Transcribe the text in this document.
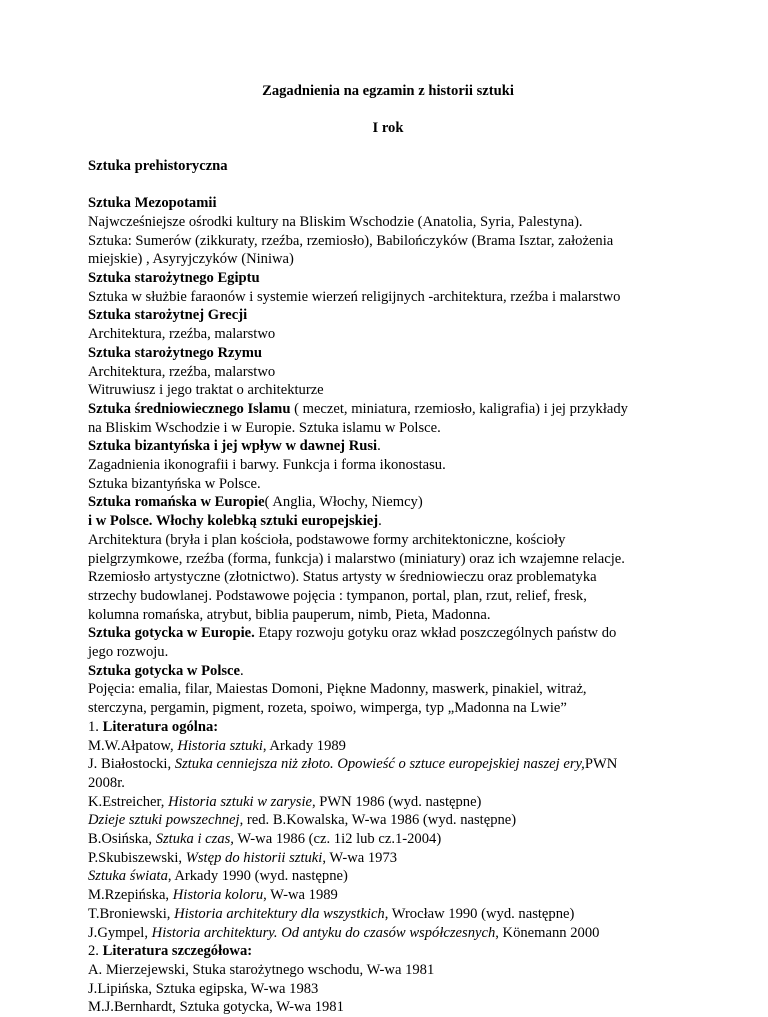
Zagadnienia na egzamin z historii sztuki
I rok
Sztuka prehistoryczna
Sztuka Mezopotamii
Najwcześniejsze ośrodki kultury na Bliskim Wschodzie (Anatolia, Syria, Palestyna).
Sztuka: Sumerów (zikkuraty, rzeźba, rzemiosło), Babilończyków (Brama Isztar, założenia
miejskie) , Asyryjczyków (Niniwa)
Sztuka starożytnego Egiptu
Sztuka w służbie faraonów i systemie wierzeń religijnych -architektura, rzeźba i malarstwo
Sztuka starożytnej Grecji
Architektura, rzeźba, malarstwo
Sztuka starożytnego Rzymu
Architektura, rzeźba, malarstwo
Witruwiusz i jego traktat o architekturze
Sztuka średniowiecznego Islamu ( meczet, miniatura, rzemiosło, kaligrafia) i jej przykłady
na Bliskim Wschodzie i w Europie. Sztuka islamu w Polsce.
Sztuka bizantyńska i jej wpływ w dawnej Rusi.
Zagadnienia ikonografii i barwy. Funkcja i forma ikonostasu.
Sztuka bizantyńska w Polsce.
Sztuka romańska w Europie( Anglia, Włochy, Niemcy)
i w Polsce. Włochy kolebką sztuki europejskiej.
Architektura (bryła i plan kościoła, podstawowe formy architektoniczne, kościoły
pielgrzymkowe, rzeźba (forma, funkcja) i malarstwo (miniatury) oraz ich wzajemne relacje.
Rzemiosło artystyczne (złotnictwo). Status artysty w średniowieczu oraz problematyka
strzechy budowlanej. Podstawowe pojęcia : tympanon, portal, plan, rzut, relief, fresk,
kolumna romańska, atrybut, biblia pauperum, nimb, Pieta, Madonna.
Sztuka gotycka w Europie. Etapy rozwoju gotyku oraz wkład poszczególnych państw do
jego rozwoju.
Sztuka gotycka w Polsce.
Pojęcia: emalia, filar, Maiestas Domoni, Piękne Madonny, maswerk, pinakiel, witraż,
sterczyna, pergamin, pigment, rozeta, spoiwo, wimperga, typ „Madonna na Lwie”
1. Literatura ogólna:
M.W.Ałpatow, Historia sztuki, Arkady 1989
J. Białostocki, Sztuka cenniejsza niż złoto. Opowieść o sztuce europejskiej naszej ery,PWN
2008r.
K.Estreicher, Historia sztuki w zarysie, PWN 1986 (wyd. następne)
Dzieje sztuki powszechnej, red. B.Kowalska, W-wa 1986 (wyd. następne)
B.Osińska, Sztuka i czas, W-wa 1986 (cz. 1i2 lub cz.1-2004)
P.Skubiszewski, Wstęp do historii sztuki, W-wa 1973
Sztuka świata, Arkady 1990 (wyd. następne)
M.Rzepińska, Historia koloru, W-wa 1989
T.Broniewski, Historia architektury dla wszystkich, Wrocław 1990 (wyd. następne)
J.Gympel, Historia architektury. Od antyku do czasów współczesnych, Könemann 2000
2. Literatura szczegółowa:
A. Mierzejewski, Stuka starożytnego wschodu, W-wa 1981
J.Lipińska, Sztuka egipska, W-wa 1983
M.J.Bernhardt, Sztuka gotycka, W-wa 1981
